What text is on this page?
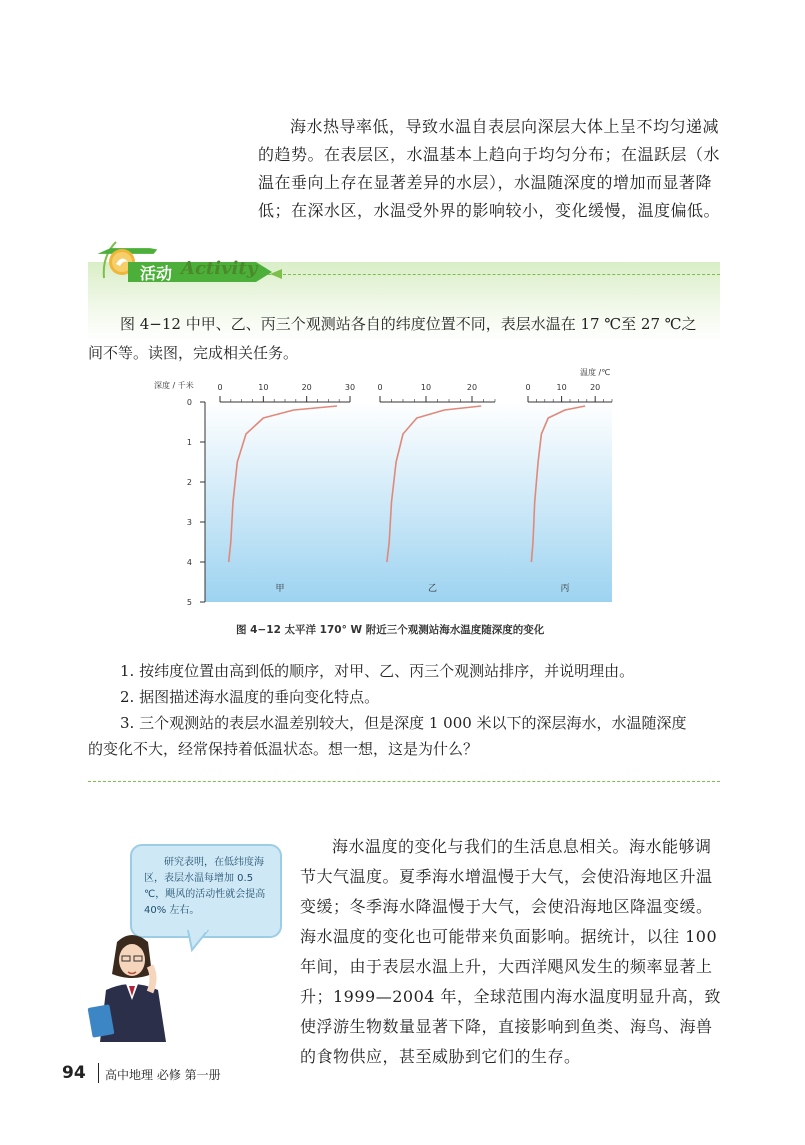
海水热导率低，导致水温自表层向深层大体上呈不均匀递减的趋势。在表层区，水温基本上趋向于均匀分布；在温跃层（水温在垂向上存在显著差异的水层），水温随深度的增加而显著降低；在深水区，水温受外界的影响较小，变化缓慢，温度偏低。
活动 Activity
图 4−12 中甲、乙、丙三个观测站各自的纬度位置不同，表层水温在 17 ℃至 27 ℃之间不等。读图，完成相关任务。
深度 / 千米
0
1
2
3
4
5
温度 /℃
0	10	20	30
甲
0	10	20
乙
0	10	20
丙
图 4−12 太平洋 170° W 附近三个观测站海水温度随深度的变化
1. 按纬度位置由高到低的顺序，对甲、乙、丙三个观测站排序，并说明理由。
2. 据图描述海水温度的垂向变化特点。
3. 三个观测站的表层水温差别较大，但是深度 1 000 米以下的深层海水，水温随深度的变化不大，经常保持着低温状态。想一想，这是为什么？
研究表明，在低纬度海区，表层水温每增加 0.5 ℃，飓风的活动性就会提高 40% 左右。
海水温度的变化与我们的生活息息相关。海水能够调节大气温度。夏季海水增温慢于大气，会使沿海地区升温变缓；冬季海水降温慢于大气，会使沿海地区降温变缓。海水温度的变化也可能带来负面影响。据统计，以往 100 年间，由于表层水温上升，大西洋飓风发生的频率显著上升；1999—2004 年，全球范围内海水温度明显升高，致使浮游生物数量显著下降，直接影响到鱼类、海鸟、海兽的食物供应，甚至威胁到它们的生存。
94 高中地理 必修 第一册
